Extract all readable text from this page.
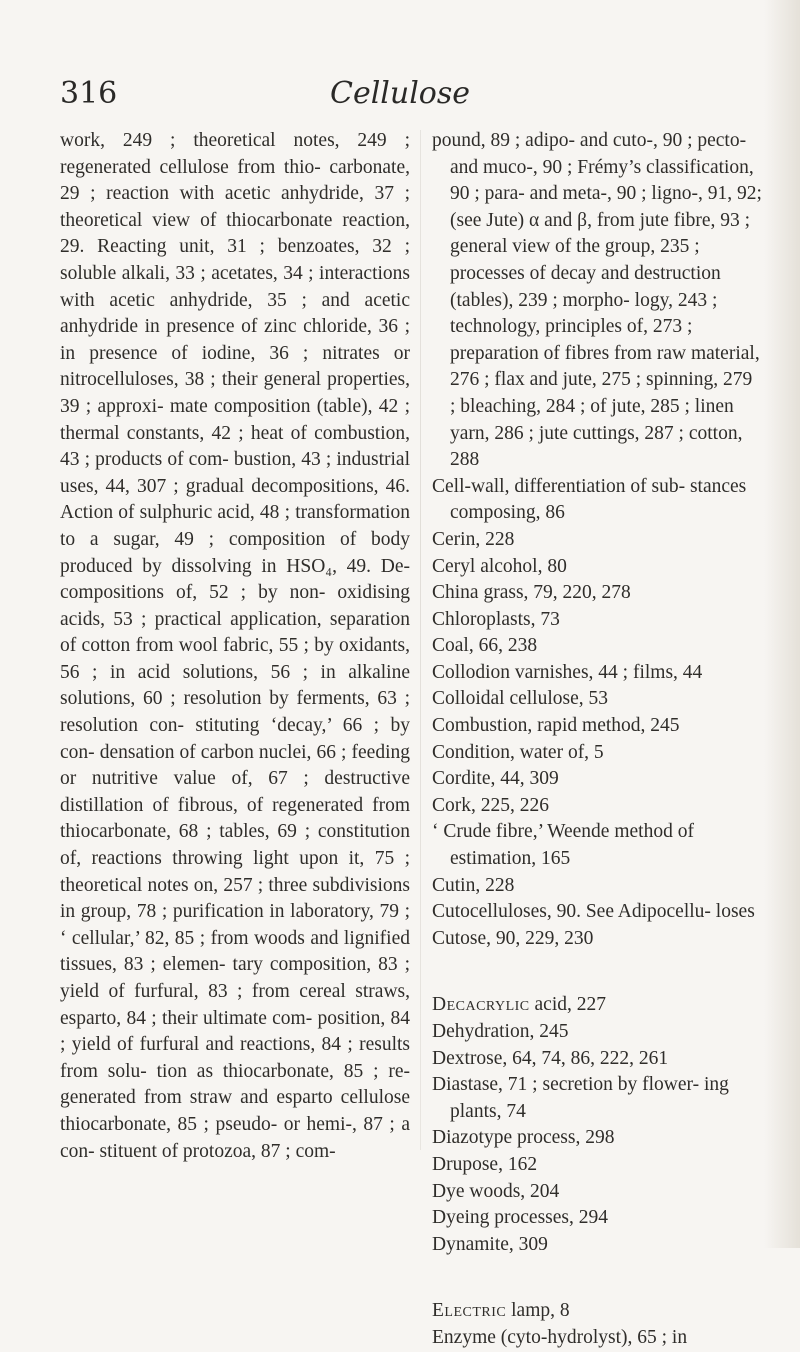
316	Cellulose

work, 249 ; theoretical notes, 249 ; regenerated cellulose from thio- carbonate, 29 ; reaction with acetic anhydride, 37 ; theoretical view of thiocarbonate reaction, 29. Reacting unit, 31 ; benzoates, 32 ; soluble alkali, 33 ; acetates, 34 ; interactions with acetic anhydride, 35 ; and acetic anhydride in presence of zinc chloride, 36 ; in presence of iodine, 36 ; nitrates or nitrocelluloses, 38 ; their general properties, 39 ; approxi- mate composition (table), 42 ; thermal constants, 42 ; heat of combustion, 43 ; products of com- bustion, 43 ; industrial uses, 44, 307 ; gradual decompositions, 46. Action of sulphuric acid, 48 ; transformation to a sugar, 49 ; composition of body produced by dissolving in HSO₄, 49. De- compositions of, 52 ; by non- oxidising acids, 53 ; practical application, separation of cotton from wool fabric, 55 ; by oxidants, 56 ; in acid solutions, 56 ; in alkaline solutions, 60 ; resolution by ferments, 63 ; resolution con- stituting ‘decay,’ 66 ; by con- densation of carbon nuclei, 66 ; feeding or nutritive value of, 67 ; destructive distillation of fibrous, of regenerated from thiocarbonate, 68 ; tables, 69 ; constitution of, reactions throwing light upon it, 75 ; theoretical notes on, 257 ; three subdivisions in group, 78 ; purification in laboratory, 79 ; ‘ cellular,’ 82, 85 ; from woods and lignified tissues, 83 ; elemen- tary composition, 83 ; yield of furfural, 83 ; from cereal straws, esparto, 84 ; their ultimate com- position, 84 ; yield of furfural and reactions, 84 ; results from solu- tion as thiocarbonate, 85 ; re- generated from straw and esparto cellulose thiocarbonate, 85 ; pseudo- or hemi-, 87 ; a con- stituent of protozoa, 87 ; com-

pound, 89 ; adipo- and cuto-, 90 ; pecto- and muco-, 90 ; Frémy’s classification, 90 ; para- and meta-, 90 ; ligno-, 91, 92; (see Jute) α and β, from jute fibre, 93 ; general view of the group, 235 ; processes of decay and destruction (tables), 239 ; morpho- logy, 243 ; technology, principles of, 273 ; preparation of fibres from raw material, 276 ; flax and jute, 275 ; spinning, 279 ; bleaching, 284 ; of jute, 285 ; linen yarn, 286 ; jute cuttings, 287 ; cotton, 288

Cell-wall, differentiation of sub- stances composing, 86

Cerin, 228

Ceryl alcohol, 80

China grass, 79, 220, 278

Chloroplasts, 73

Coal, 66, 238

Collodion varnishes, 44 ; films, 44

Colloidal cellulose, 53

Combustion, rapid method, 245

Condition, water of, 5

Cordite, 44, 309

Cork, 225, 226

‘ Crude fibre,’ Weende method of estimation, 165

Cutin, 228

Cutocelluloses, 90. See Adipocellu- loses

Cutose, 90, 229, 230

Decacrylic acid, 227

Dehydration, 245

Dextrose, 64, 74, 86, 222, 261

Diastase, 71 ; secretion by flower- ing plants, 74

Diazotype process, 298

Drupose, 162

Dye woods, 204

Dyeing processes, 294

Dynamite, 309

Electric lamp, 8

Enzyme (cyto-hydrolyst), 65 ; in
